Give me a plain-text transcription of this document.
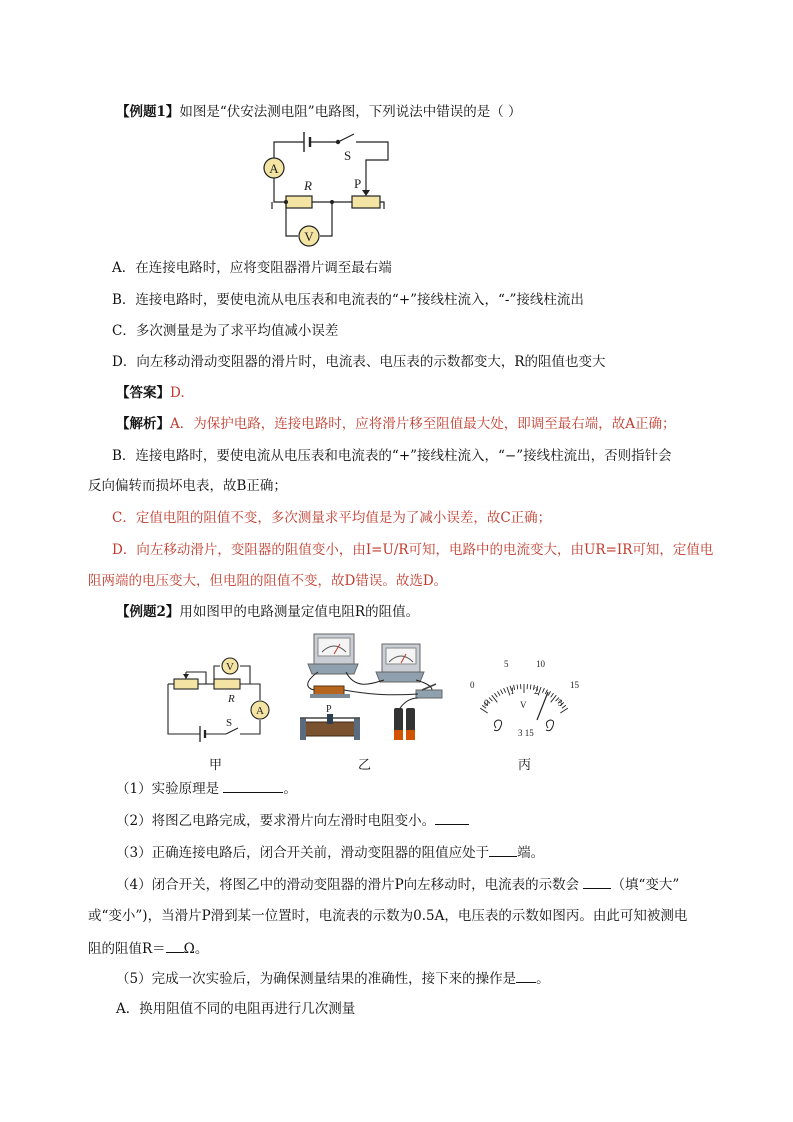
【例题1】如图是“伏安法测电阻”电路图，下列说法中错误的是（ ）
A
V
S
R	P
A．在连接电路时，应将变阻器滑片调至最右端
B．连接电路时，要使电流从电压表和电流表的“+”接线柱流入，“-”接线柱流出
C．多次测量是为了求平均值减小误差
D．向左移动滑动变阻器的滑片时，电流表、电压表的示数都变大，R的阻值也变大
【答案】D.
【解析】A．为保护电路，连接电路时，应将滑片移至阻值最大处，即调至最右端，故A正确；
B．连接电路时，要使电流从电压表和电流表的“+”接线柱流入，“−”接线柱流出，否则指针会
反向偏转而损坏电表，故B正确；
C．定值电阻的阻值不变，多次测量求平均值是为了减小误差，故C正确；
D．向左移动滑片，变阻器的阻值变小，由I=U/R可知，电路中的电流变大，由UR=IR可知，定值电
阻两端的电压变大，但电阻的阻值不变，故D错误。故选D。
【例题2】用如图甲的电路测量定值电阻R的阻值。
V
A
R
S
P
0
5	10
15
0
1 2
3
V
3 15
甲	乙	丙
（1）实验原理是	。
（2）将图乙电路完成，要求滑片向左滑时电阻变小。
（3）正确连接电路后，闭合开关前，滑动变阻器的阻值应处于 端。
（4）闭合开关，将图乙中的滑动变阻器的滑片P向左移动时，电流表的示数会 （填“变大”
或“变小”)，当滑片P滑到某一位置时，电流表的示数为0.5A，电压表的示数如图丙。由此可知被测电
阻的阻值R＝ Ω。
（5）完成一次实验后，为确保测量结果的准确性，接下来的操作是 。
A．换用阻值不同的电阻再进行几次测量
